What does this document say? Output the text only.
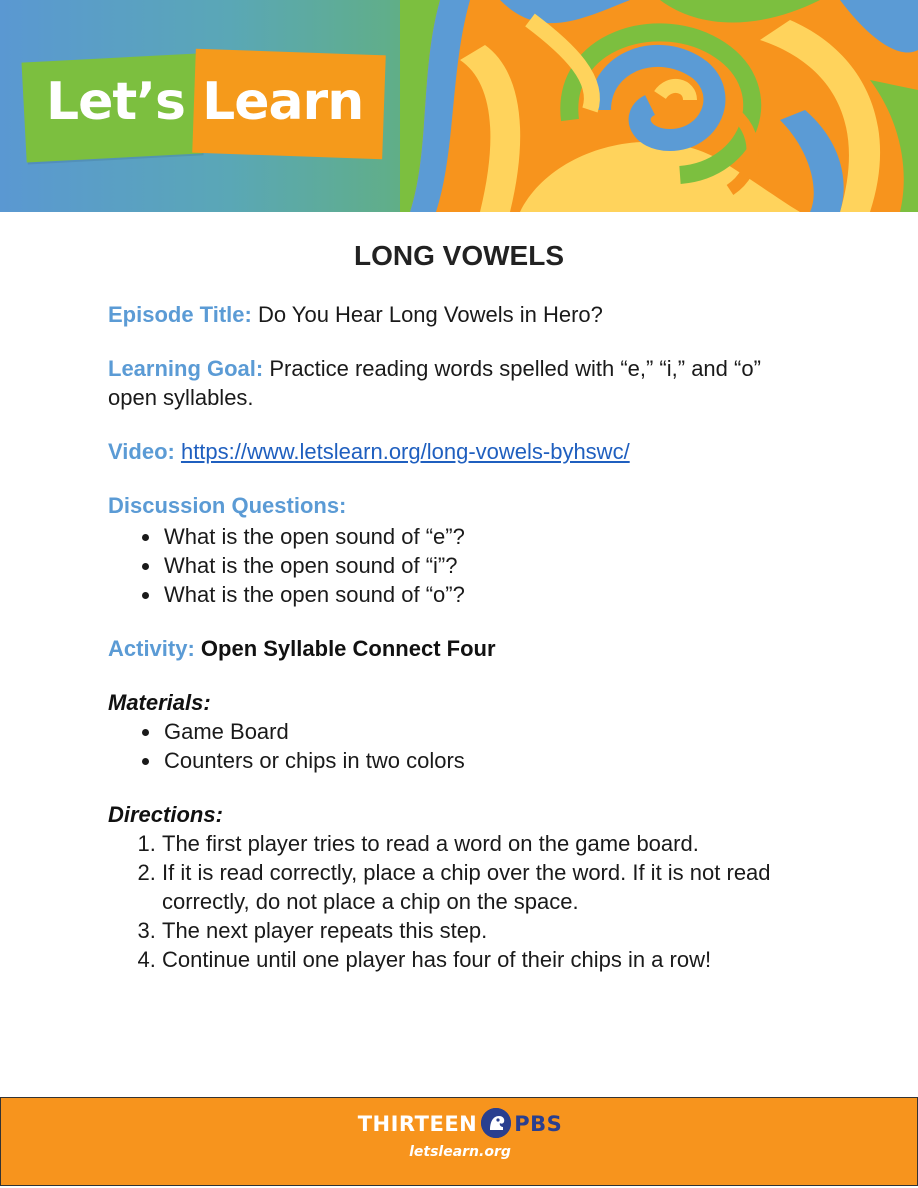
Let’s Learn
LONG VOWELS

Episode Title: Do You Hear Long Vowels in Hero?

Learning Goal: Practice reading words spelled with “e,” “i,” and “o” open syllables.

Video: https://www.letslearn.org/long-vowels-byhswc/

Discussion Questions:

• What is the open sound of “e”?
• What is the open sound of “i”?
• What is the open sound of “o”?

Activity: Open Syllable Connect Four

Materials:

• Game Board
• Counters or chips in two colors

Directions:

1. The first player tries to read a word on the game board.
2. If it is read correctly, place a chip over the word. If it is not read correctly, do not place a chip on the space.
3. The next player repeats this step.
4. Continue until one player has four of their chips in a row!
THIRTEEN PBS
letslearn.org
